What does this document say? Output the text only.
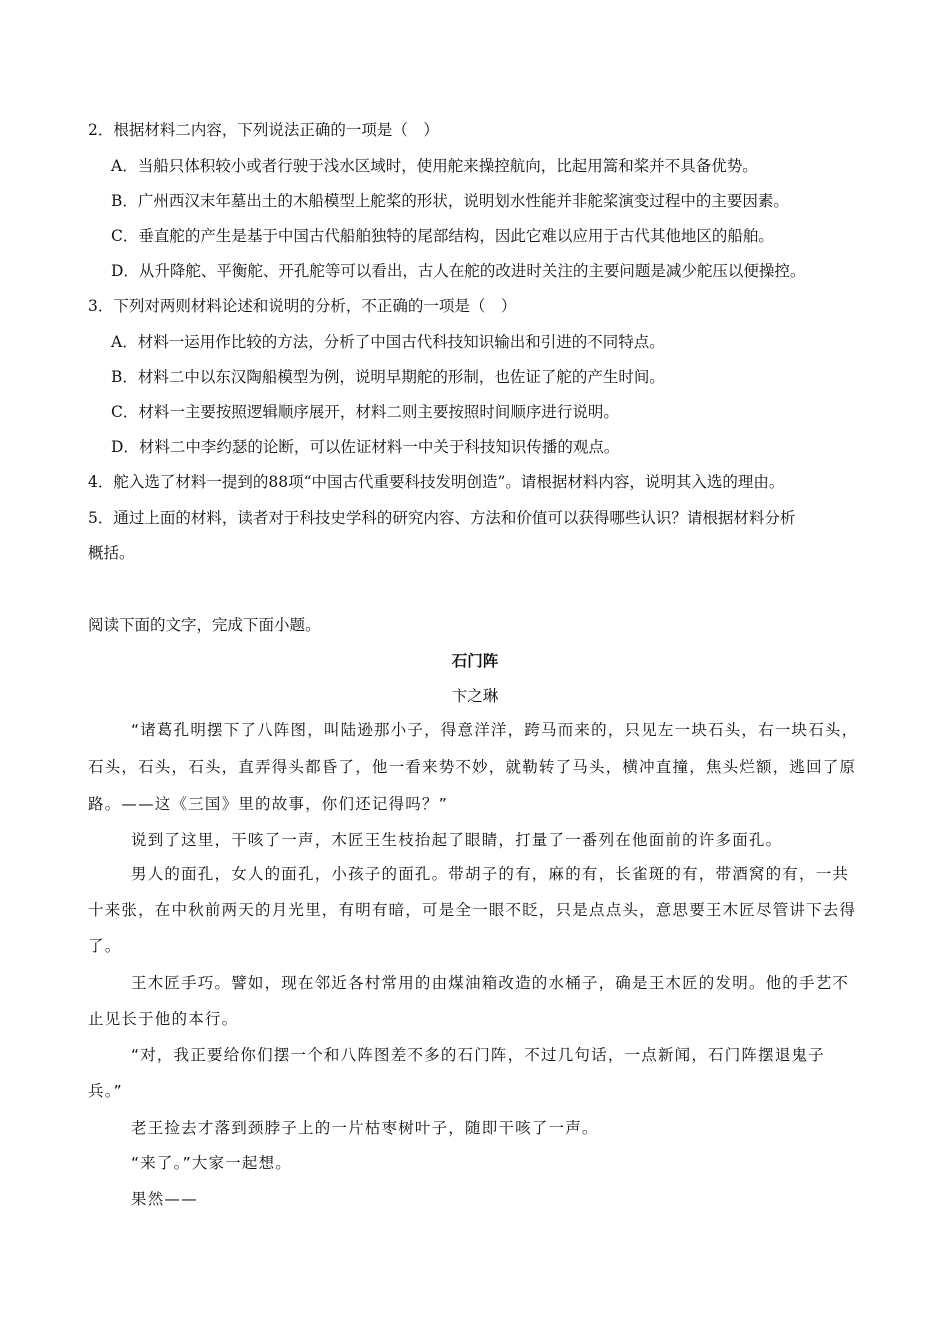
2．根据材料二内容，下列说法正确的一项是（　）
A．当船只体积较小或者行驶于浅水区域时，使用舵来操控航向，比起用篙和桨并不具备优势。
B．广州西汉末年墓出土的木船模型上舵桨的形状，说明划水性能并非舵桨演变过程中的主要因素。
C．垂直舵的产生是基于中国古代船舶独特的尾部结构，因此它难以应用于古代其他地区的船舶。
D．从升降舵、平衡舵、开孔舵等可以看出，古人在舵的改进时关注的主要问题是减少舵压以便操控。
3．下列对两则材料论述和说明的分析，不正确的一项是（　）
A．材料一运用作比较的方法，分析了中国古代科技知识输出和引进的不同特点。
B．材料二中以东汉陶船模型为例，说明早期舵的形制，也佐证了舵的产生时间。
C．材料一主要按照逻辑顺序展开，材料二则主要按照时间顺序进行说明。
D．材料二中李约瑟的论断，可以佐证材料一中关于科技知识传播的观点。
4．舵入选了材料一提到的88项“中国古代重要科技发明创造”。请根据材料内容，说明其入选的理由。
5．通过上面的材料，读者对于科技史学科的研究内容、方法和价值可以获得哪些认识？请根据材料分析
概括。
阅读下面的文字，完成下面小题。
石门阵
卞之琳
“诸葛孔明摆下了八阵图，叫陆逊那小子，得意洋洋，跨马而来的，只见左一块石头，右一块石头，
石头，石头，石头，直弄得头都昏了，他一看来势不妙，就勒转了马头，横冲直撞，焦头烂额，逃回了原
路。——这《三国》里的故事，你们还记得吗？”
说到了这里，干咳了一声，木匠王生枝抬起了眼睛，打量了一番列在他面前的许多面孔。
男人的面孔，女人的面孔，小孩子的面孔。带胡子的有，麻的有，长雀斑的有，带酒窝的有，一共
十来张，在中秋前两天的月光里，有明有暗，可是全一眼不眨，只是点点头，意思要王木匠尽管讲下去得
了。
王木匠手巧。譬如，现在邻近各村常用的由煤油箱改造的水桶子，确是王木匠的发明。他的手艺不
止见长于他的本行。
“对，我正要给你们摆一个和八阵图差不多的石门阵，不过几句话，一点新闻，石门阵摆退鬼子
兵。”
老王捡去才落到颈脖子上的一片枯枣树叶子，随即干咳了一声。
“来了。”大家一起想。
果然——
